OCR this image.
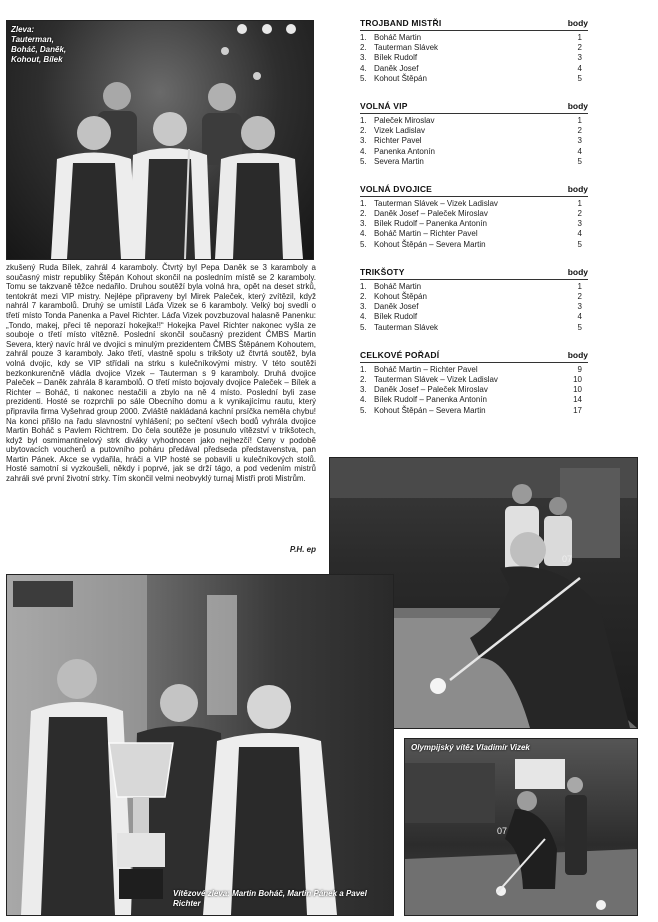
Zleva:
Tauterman,
Boháč, Daněk,
Kohout, Bílek

zkušený Ruda Bílek, zahrál 4 karamboly. Čtvrtý byl Pepa Daněk se 3 karamboly a současný mistr republiky Štěpán Kohout skončil na posledním místě se 2 karamboly. Tomu se takzvaně těžce nedařilo. Druhou soutěží byla volná hra, opět na deset strků, tentokrát mezi VIP mistry. Nejlépe připraveny byl Mirek Paleček, který zvítězil, když nahrál 7 karambolů. Druhý se umístil Láďa Vizek se 6 karamboly. Velký boj svedli o třetí místo Tonda Panenka a Pavel Richter. Láďa Vizek povzbuzoval halasně Panenku: „Tondo, makej, přeci tě neporazí hokejka!!“ Hokejka Pavel Richter nakonec vyšla ze souboje o třetí místo vítězně. Poslední skončil současný prezident ČMBS Martin Severa, který navíc hrál ve dvojici s minulým prezidentem ČMBS Štěpánem Kohoutem, zahrál pouze 3 karamboly. Jako třetí, vlastně spolu s trikšoty už čtvrtá soutěž, byla volná dvojic, kdy se VIP střídali na strku s kulečníkovými mistry. V této soutěži bezkonkurenčně vládla dvojice Vizek – Tauterman s 9 karamboly. Druhá dvojice Paleček – Daněk zahrála 8 karambolů. O třetí místo bojovaly dvojice Paleček – Bílek a Richter – Boháč, ti nakonec nestačili a zbylo na ně 4 místo. Poslední byli zase prezidenti. Hosté se rozprchli po sále Obecního domu a k vynikajícímu rautu, který připravila firma Vyšehrad group 2000. Zvláště nakládaná kachní prsíčka neměla chybu! Na konci přišlo na řadu slavnostní vyhlášení; po sečtení všech bodů vyhrála dvojice Martin Boháč s Pavlem Richtrem. Do čela soutěže je posunulo vítězství v trikšotech, když byl osmimantinelový strk diváky vyhodnocen jako nejhezčí! Ceny v podobě ubytovacích voucherů a putovního poháru předával předseda představenstva, pan Martin Pánek. Akce se vydařila, hráči a VIP hosté se pobavili u kulečníkových stolů. Hosté samotní si vyzkoušeli, někdy i poprvé, jak se drží tágo, a pod vedením mistrů zahráli své první životní strky. Tím skončil velmi neobvyklý turnaj Mistři proti Mistrům.

P.H. ep
TROJBAND MISTŘI	body
1. Boháč Martin	1
2. Tauterman Slávek	2
3. Bílek Rudolf	3
4. Daněk Josef	4
5. Kohout Štěpán	5
VOLNÁ VIP	body
1. Paleček Miroslav	1
2. Vizek Ladislav	2
3. Richter Pavel	3
4. Panenka Antonín	4
5. Severa Martin	5
VOLNÁ DVOJICE	body
1. Tauterman Slávek – Vizek Ladislav	1
2. Daněk Josef – Paleček Miroslav	2
3. Bílek Rudolf – Panenka Antonín	3
4. Boháč Martin – Richter Pavel	4
5. Kohout Štěpán – Severa Martin	5
TRIKŠOTY	body
1. Boháč Martin	1
2. Kohout Štěpán	2
3. Daněk Josef	3
4. Bílek Rudolf	4
5. Tauterman Slávek	5
CELKOVÉ POŘADÍ	body
1. Boháč Martin – Richter Pavel	9
2. Tauterman Slávek – Vizek Ladislav	10
3. Daněk Josef – Paleček Miroslav	10
4. Bílek Rudolf – Panenka Antonín	14
5. Kohout Štěpán – Severa Martin	17
07
Vítězové zleva: Martin Boháč, Martin Pánek a Pavel Richter
07
Olympijský vítěz Vladimír Vizek
